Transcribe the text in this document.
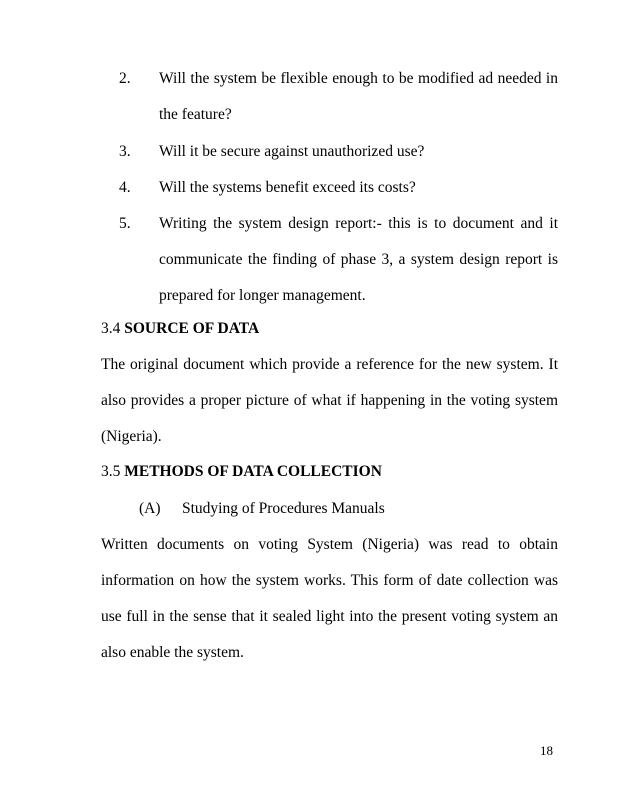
2. Will the system be flexible enough to be modified ad needed in
the feature?
3. Will it be secure against unauthorized use?
4. Will the systems benefit exceed its costs?
5. Writing the system design report:- this is to document and it
communicate the finding of phase 3, a system design report is
prepared for longer management.
3.4 SOURCE OF DATA
The original document which provide a reference for the new system. It
also provides a proper picture of what if happening in the voting system
(Nigeria).
3.5 METHODS OF DATA COLLECTION
(A) Studying of Procedures Manuals
Written documents on voting System (Nigeria) was read to obtain
information on how the system works. This form of date collection was
use full in the sense that it sealed light into the present voting system an
also enable the system.
18
